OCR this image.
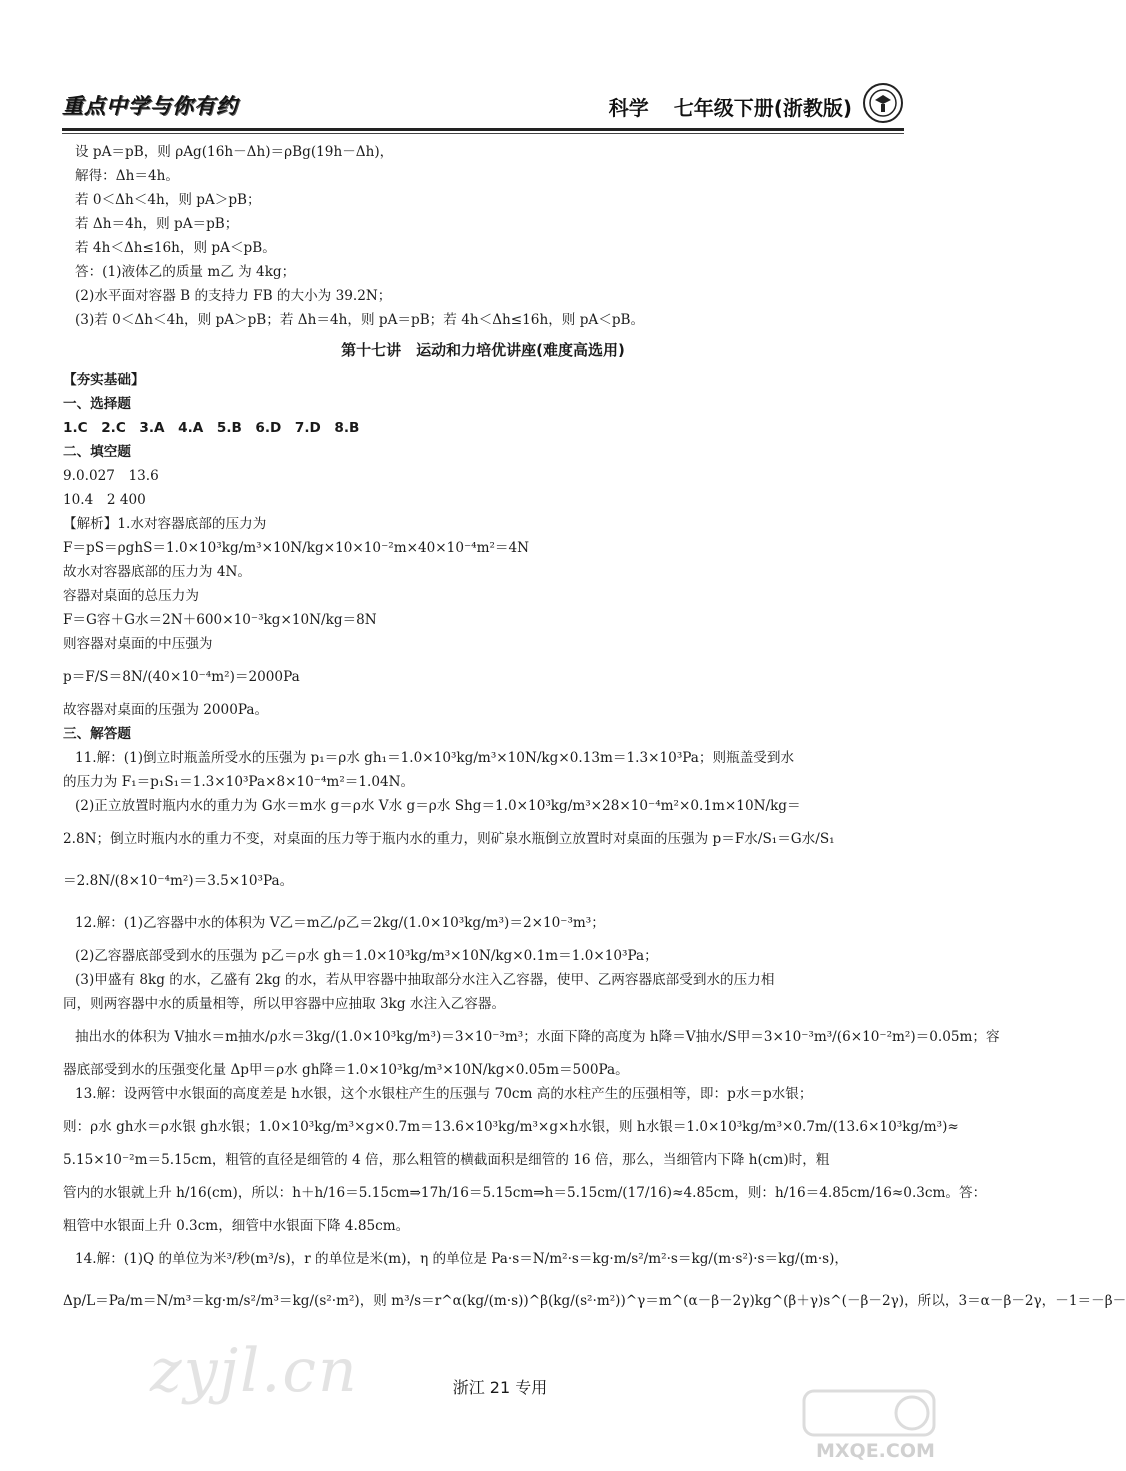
重点中学与你有约	科学 七年级下册(浙教版)
设 pA＝pB，则 ρAg(16h－Δh)＝ρBg(19h－Δh)，
解得：Δh＝4h。
若 0＜Δh＜4h，则 pA＞pB；
若 Δh＝4h，则 pA＝pB；
若 4h＜Δh≤16h，则 pA＜pB。
答：(1)液体乙的质量 m乙 为 4kg；
(2)水平面对容器 B 的支持力 FB 的大小为 39.2N；
(3)若 0＜Δh＜4h，则 pA＞pB；若 Δh＝4h，则 pA＝pB；若 4h＜Δh≤16h，则 pA＜pB。
第十七讲　运动和力培优讲座(难度高选用)
【夯实基础】
一、选择题
1.C　2.C　3.A　4.A　5.B　6.D　7.D　8.B
二、填空题
9.0.027　13.6
10.4　2 400
【解析】1.水对容器底部的压力为
F＝pS＝ρghS＝1.0×10³kg/m³×10N/kg×10×10⁻²m×40×10⁻⁴m²＝4N
故水对容器底部的压力为 4N。
容器对桌面的总压力为
F＝G容＋G水＝2N＋600×10⁻³kg×10N/kg＝8N
则容器对桌面的中压强为
p＝F/S＝8N/(40×10⁻⁴m²)＝2000Pa
故容器对桌面的压强为 2000Pa。
三、解答题
11.解：(1)倒立时瓶盖所受水的压强为 p₁＝ρ水 gh₁＝1.0×10³kg/m³×10N/kg×0.13m＝1.3×10³Pa；则瓶盖受到水
的压力为 F₁＝p₁S₁＝1.3×10³Pa×8×10⁻⁴m²＝1.04N。
(2)正立放置时瓶内水的重力为 G水＝m水 g＝ρ水 V水 g＝ρ水 Shg＝1.0×10³kg/m³×28×10⁻⁴m²×0.1m×10N/kg＝
2.8N；倒立时瓶内水的重力不变，对桌面的压力等于瓶内水的重力，则矿泉水瓶倒立放置时对桌面的压强为 p＝F水/S₁＝G水/S₁
＝2.8N/(8×10⁻⁴m²)＝3.5×10³Pa。
12.解：(1)乙容器中水的体积为 V乙＝m乙/ρ乙＝2kg/(1.0×10³kg/m³)＝2×10⁻³m³；
(2)乙容器底部受到水的压强为 p乙＝ρ水 gh＝1.0×10³kg/m³×10N/kg×0.1m＝1.0×10³Pa；
(3)甲盛有 8kg 的水，乙盛有 2kg 的水，若从甲容器中抽取部分水注入乙容器，使甲、乙两容器底部受到水的压力相
同，则两容器中水的质量相等，所以甲容器中应抽取 3kg 水注入乙容器。
抽出水的体积为 V抽水＝m抽水/ρ水＝3kg/(1.0×10³kg/m³)＝3×10⁻³m³；水面下降的高度为 h降＝V抽水/S甲＝3×10⁻³m³/(6×10⁻²m²)＝0.05m；容
器底部受到水的压强变化量 Δp甲＝ρ水 gh降＝1.0×10³kg/m³×10N/kg×0.05m＝500Pa。
13.解：设两管中水银面的高度差是 h水银，这个水银柱产生的压强与 70cm 高的水柱产生的压强相等，即：p水＝p水银；
则：ρ水 gh水＝ρ水银 gh水银；1.0×10³kg/m³×g×0.7m＝13.6×10³kg/m³×g×h水银，则 h水银＝1.0×10³kg/m³×0.7m/(13.6×10³kg/m³)≈
5.15×10⁻²m＝5.15cm，粗管的直径是细管的 4 倍，那么粗管的横截面积是细管的 16 倍，那么，当细管内下降 h(cm)时，粗
管内的水银就上升 h/16(cm)，所以：h＋h/16＝5.15cm⇒17h/16＝5.15cm⇒h＝5.15cm/(17/16)≈4.85cm，则：h/16＝4.85cm/16≈0.3cm。答：
粗管中水银面上升 0.3cm，细管中水银面下降 4.85cm。
14.解：(1)Q 的单位为米³/秒(m³/s)，r 的单位是米(m)，η 的单位是 Pa·s＝N/m²·s＝kg·m/s²/m²·s＝kg/(m·s²)·s＝kg/(m·s)，
Δp/L＝Pa/m＝N/m³＝kg·m/s²/m³＝kg/(s²·m²)，则 m³/s＝r^α(kg/(m·s))^β(kg/(s²·m²))^γ＝m^(α－β－2γ)kg^(β＋γ)s^(－β－2γ)，所以，3＝α－β－2γ，－1＝－β－
zyjl.cn	浙江 21 专用
MXQE.COM
